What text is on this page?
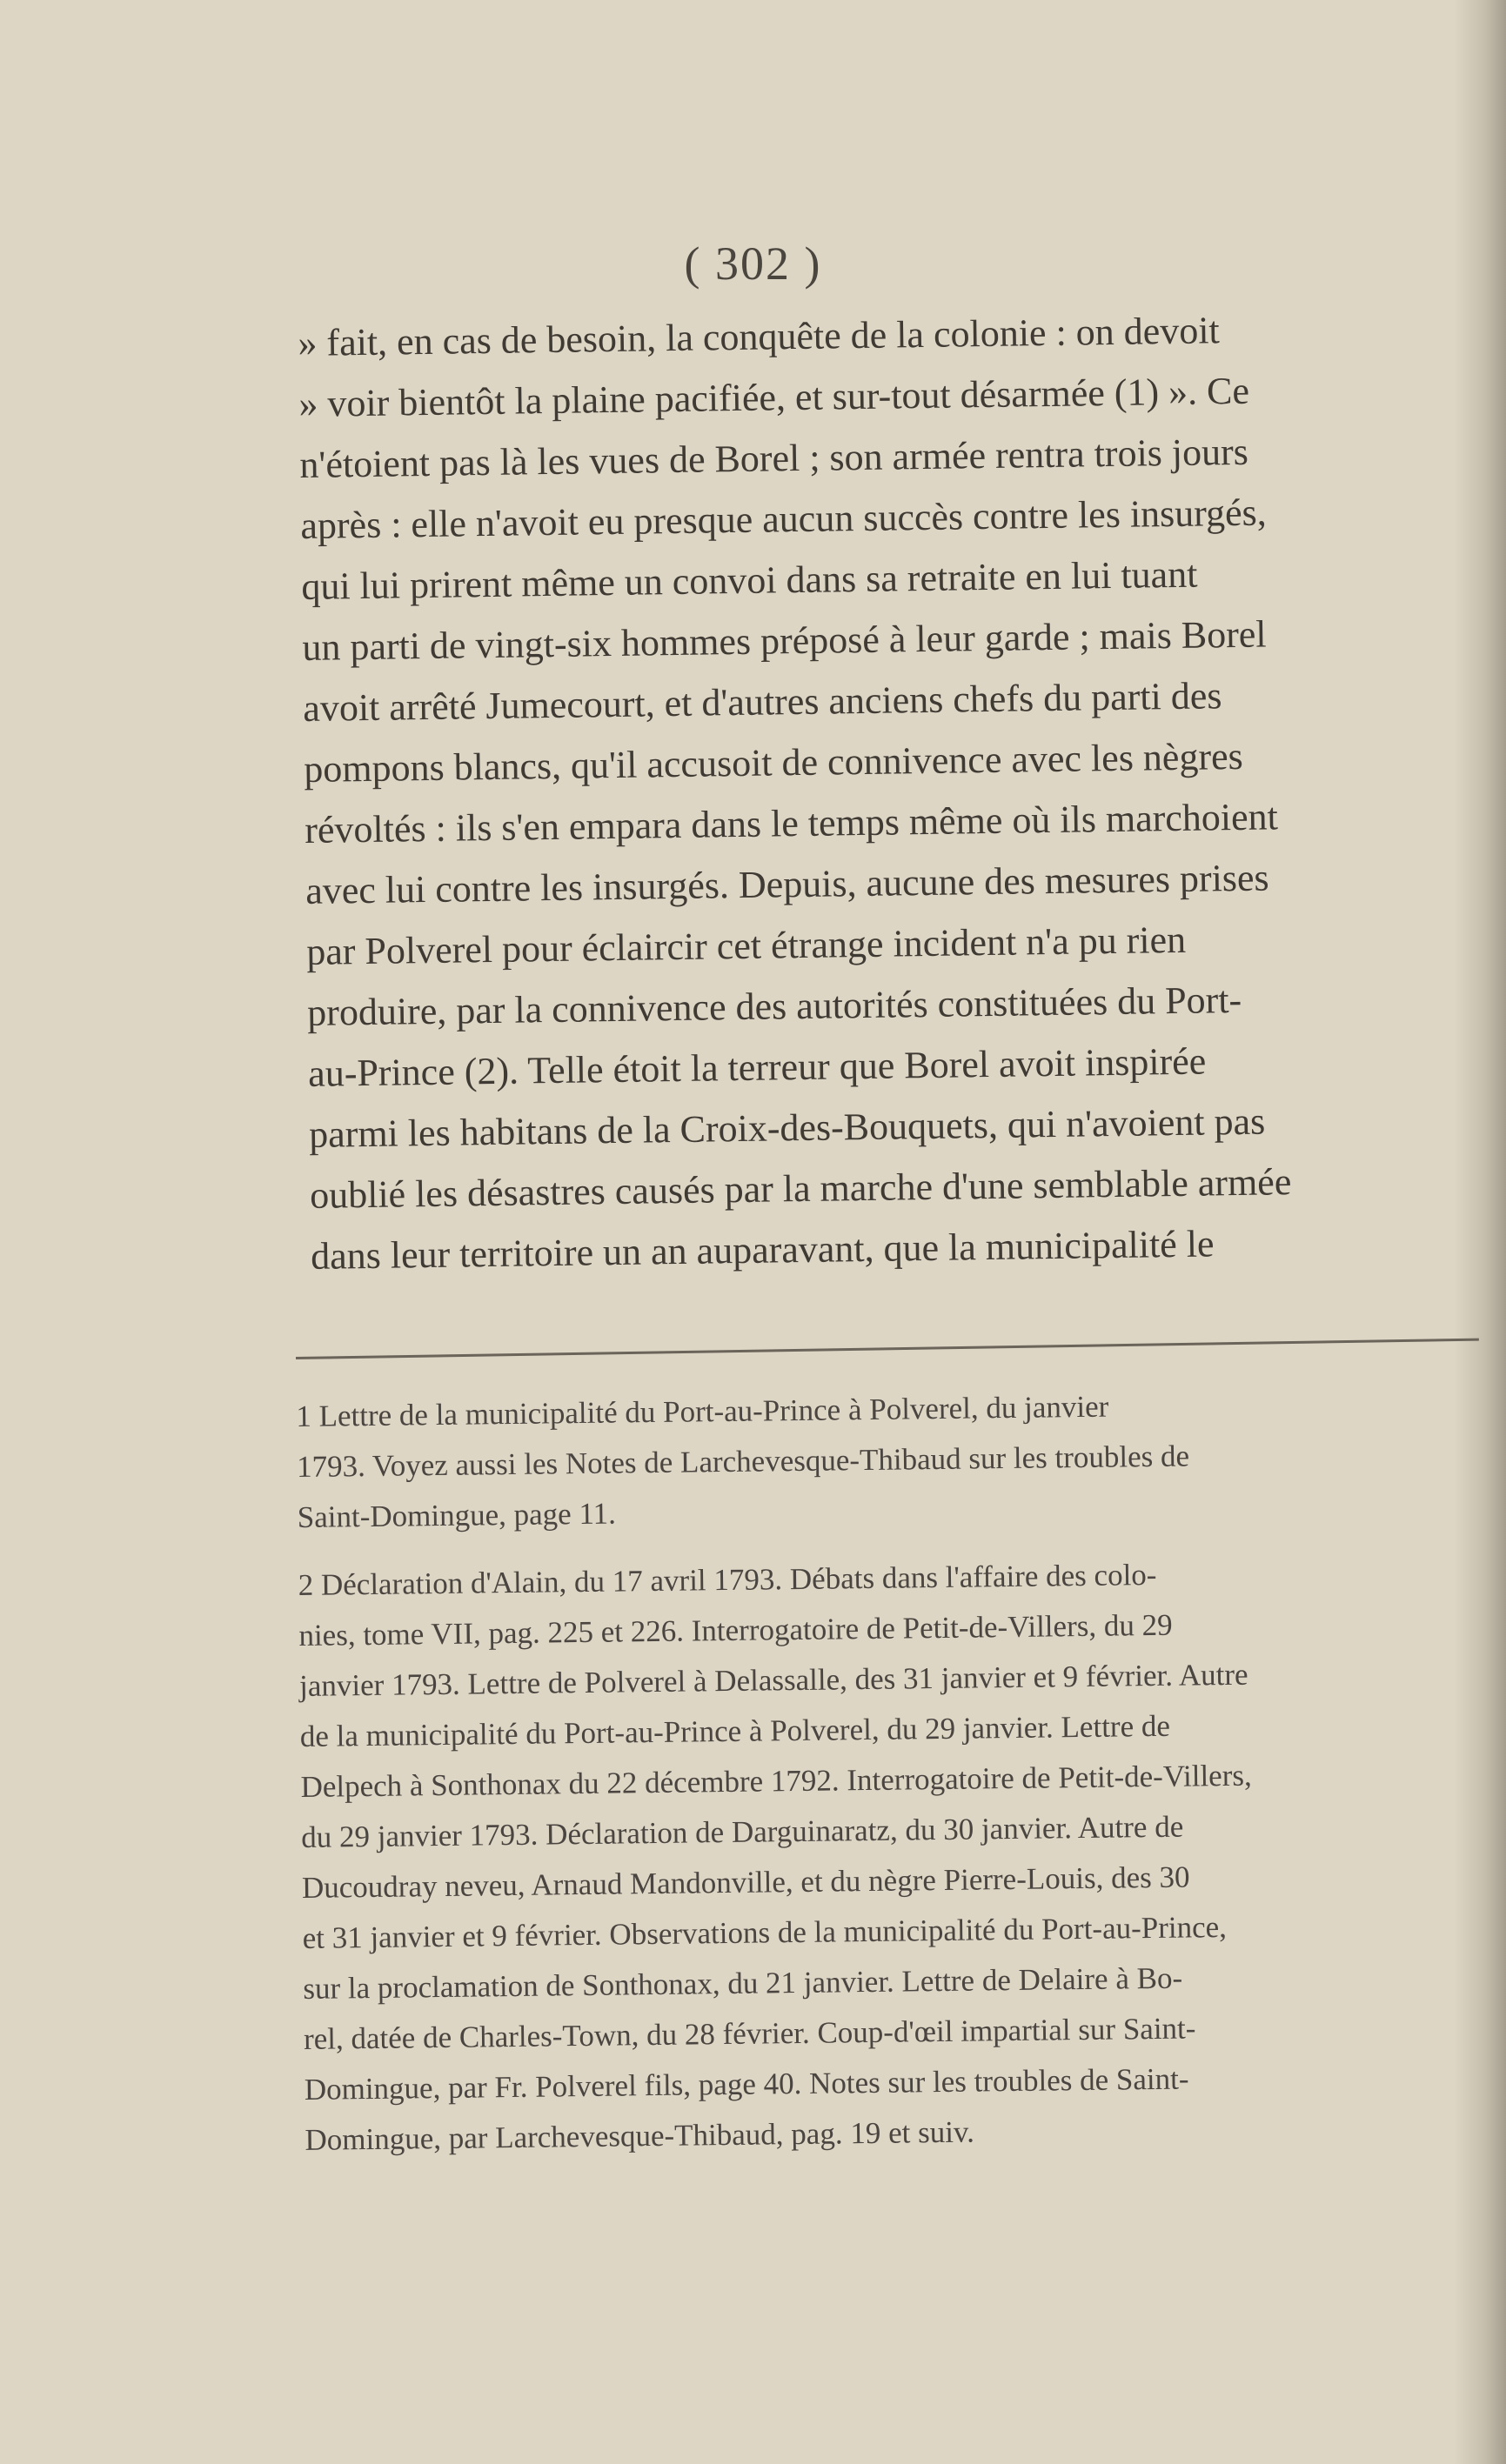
( 302 )
» fait, en cas de besoin, la conquête de la colonie : on devoit
» voir bientôt la plaine pacifiée, et sur-tout désarmée (1) ». Ce
n'étoient pas là les vues de Borel ; son armée rentra trois jours
après : elle n'avoit eu presque aucun succès contre les insurgés,
qui lui prirent même un convoi dans sa retraite en lui tuant
un parti de vingt-six hommes préposé à leur garde ; mais Borel
avoit arrêté Jumecourt, et d'autres anciens chefs du parti des
pompons blancs, qu'il accusoit de connivence avec les nègres
révoltés : ils s'en empara dans le temps même où ils marchoient
avec lui contre les insurgés. Depuis, aucune des mesures prises
par Polverel pour éclaircir cet étrange incident n'a pu rien
produire, par la connivence des autorités constituées du Port-
au-Prince (2). Telle étoit la terreur que Borel avoit inspirée
parmi les habitans de la Croix-des-Bouquets, qui n'avoient pas
oublié les désastres causés par la marche d'une semblable armée
dans leur territoire un an auparavant, que la municipalité le
1 Lettre de la municipalité du Port-au-Prince à Polverel, du janvier
1793. Voyez aussi les Notes de Larchevesque-Thibaud sur les troubles de
Saint-Domingue, page 11.
2 Déclaration d'Alain, du 17 avril 1793. Débats dans l'affaire des colo-
nies, tome VII, pag. 225 et 226. Interrogatoire de Petit-de-Villers, du 29
janvier 1793. Lettre de Polverel à Delassalle, des 31 janvier et 9 février. Autre
de la municipalité du Port-au-Prince à Polverel, du 29 janvier. Lettre de
Delpech à Sonthonax du 22 décembre 1792. Interrogatoire de Petit-de-Villers,
du 29 janvier 1793. Déclaration de Darguinaratz, du 30 janvier. Autre de
Ducoudray neveu, Arnaud Mandonville, et du nègre Pierre-Louis, des 30
et 31 janvier et 9 février. Observations de la municipalité du Port-au-Prince,
sur la proclamation de Sonthonax, du 21 janvier. Lettre de Delaire à Bo-
rel, datée de Charles-Town, du 28 février. Coup-d'œil impartial sur Saint-
Domingue, par Fr. Polverel fils, page 40. Notes sur les troubles de Saint-
Domingue, par Larchevesque-Thibaud, pag. 19 et suiv.
